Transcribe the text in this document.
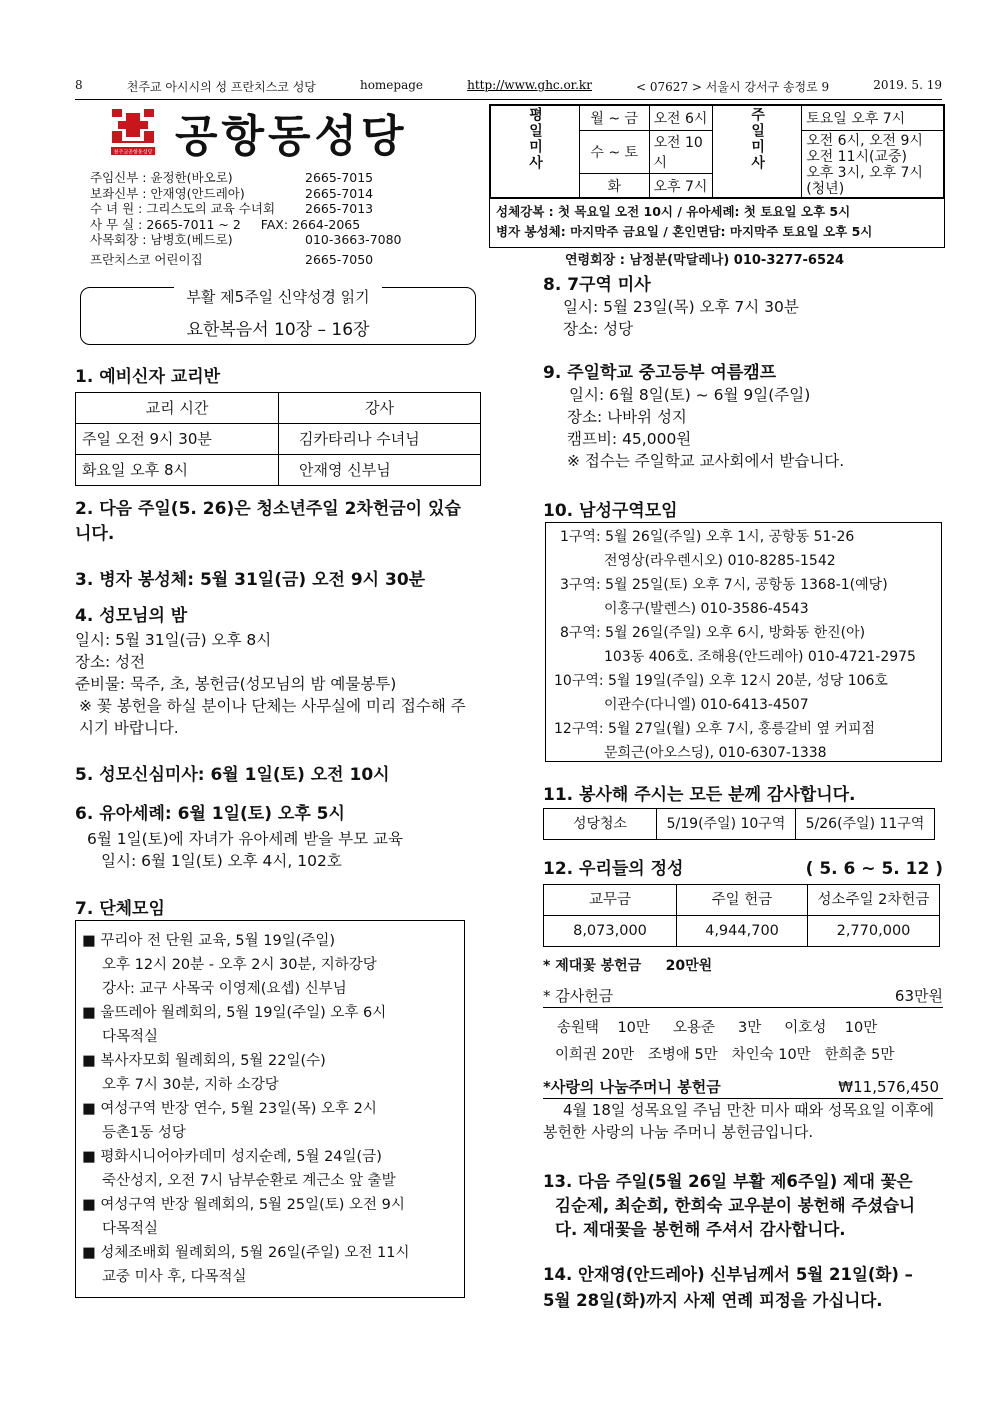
8	천주교 아시시의 성 프란치스코 성당	homepage	http://www.ghc.or.kr	< 07627 > 서울시 강서구 송정로 9	2019. 5. 19
천주교공항동성당 공항동성당
주임신부 : 윤정한(바오로)	2665-7015
보좌신부 : 안재영(안드레아)	2665-7014
수 녀 원 : 그리스도의 교육 수녀회	2665-7013
사 무 실 : 2665-7011 ~ 2     FAX: 2664-2065
사목회장 : 남병호(베드로)	010-3663-7080
프란치스코 어린이집	2665-7050
평일미사	월 ~ 금	오전 6시	주일미사	토요일 오후 7시
	수 ~ 토	오전 10시		오전 6시, 오전 9시
오전 11시(교중)
오후 3시, 오후 7시(청년)

	화	오후 7시		
성체강복 : 첫 목요일 오전 10시 / 유아세례: 첫 토요일 오후 5시
병자 봉성체: 마지막주 금요일 / 혼인면담: 마지막주 토요일 오후 5시
연령회장 : 남정분(막달레나) 010-3277-6524
부활 제5주일 신약성경 읽기
요한복음서 10장 – 16장
1. 예비신자 교리반
교리 시간	강사
주일 오전 9시 30분	김카타리나 수녀님
화요일 오후 8시	안재영 신부님
2. 다음 주일(5. 26)은 청소년주일 2차헌금이 있습니다.
3. 병자 봉성체: 5월 31일(금) 오전 9시 30분
4. 성모님의 밤
일시: 5월 31일(금) 오후 8시
장소: 성전
준비물: 묵주, 초, 봉헌금(성모님의 밤 예물봉투)
※ 꽃 봉헌을 하실 분이나 단체는 사무실에 미리 접수해 주시기 바랍니다.
5. 성모신심미사: 6월 1일(토) 오전 10시
6. 유아세례: 6월 1일(토) 오후 5시
6월 1일(토)에 자녀가 유아세례 받을 부모 교육
일시: 6월 1일(토) 오후 4시, 102호
7. 단체모임
■ 꾸리아 전 단원 교육, 5월 19일(주일)
오후 12시 20분 - 오후 2시 30분, 지하강당
강사: 교구 사목국 이영제(요셉) 신부님
■ 울뜨레아 월례회의, 5월 19일(주일) 오후 6시
다목적실
■ 복사자모회 월례회의, 5월 22일(수)
오후 7시 30분, 지하 소강당
■ 여성구역 반장 연수, 5월 23일(목) 오후 2시
등촌1동 성당
■ 평화시니어아카데미 성지순례, 5월 24일(금)
죽산성지, 오전 7시 남부순환로 계근소 앞 출발
■ 여성구역 반장 월례회의, 5월 25일(토) 오전 9시
다목적실
■ 성체조배회 월례회의, 5월 26일(주일) 오전 11시
교중 미사 후, 다목적실
8. 7구역 미사
일시: 5월 23일(목) 오후 7시 30분
장소: 성당
9. 주일학교 중고등부 여름캠프
일시: 6월 8일(토) ~ 6월 9일(주일)
장소: 나바위 성지
캠프비: 45,000원
※ 접수는 주일학교 교사회에서 받습니다.
10. 남성구역모임
1구역: 5월 26일(주일) 오후 1시, 공항동 51-26
전영상(라우렌시오) 010-8285-1542
3구역: 5월 25일(토) 오후 7시, 공항동 1368-1(예당)
이홍구(발렌스) 010-3586-4543
8구역: 5월 26일(주일) 오후 6시, 방화동 한진(아)
103동 406호. 조해용(안드레아) 010-4721-2975
10구역: 5월 19일(주일) 오후 12시 20분, 성당 106호
이관수(다니엘) 010-6413-4507
12구역: 5월 27일(월) 오후 7시, 홍릉갈비 옆 커피점
문희근(아오스딩), 010-6307-1338
11. 봉사해 주시는 모든 분께 감사합니다.
성당청소	5/19(주일) 10구역	5/26(주일) 11구역
12. 우리들의 정성	( 5. 6 ~ 5. 12 )
교무금	주일 헌금	성소주일 2차헌금
8,073,000	4,944,700	2,770,000
* 제대꽃 봉헌금     20만원
* 감사헌금	63만원
송원택    10만     오용준     3만     이호성    10만
이희권 20만   조병애 5만   차인숙 10만   한희춘 5만
*사랑의 나눔주머니 봉헌금	₩11,576,450
4월 18일 성목요일 주님 만찬 미사 때와 성목요일 이후에 봉헌한 사랑의 나눔 주머니 봉헌금입니다.
13. 다음 주일(5월 26일 부활 제6주일) 제대 꽃은
김순제, 최순희, 한희숙 교우분이 봉헌해 주셨습니
다. 제대꽃을 봉헌해 주셔서 감사합니다.
14. 안재영(안드레아) 신부님께서 5월 21일(화) –
5월 28일(화)까지 사제 연례 피정을 가십니다.
